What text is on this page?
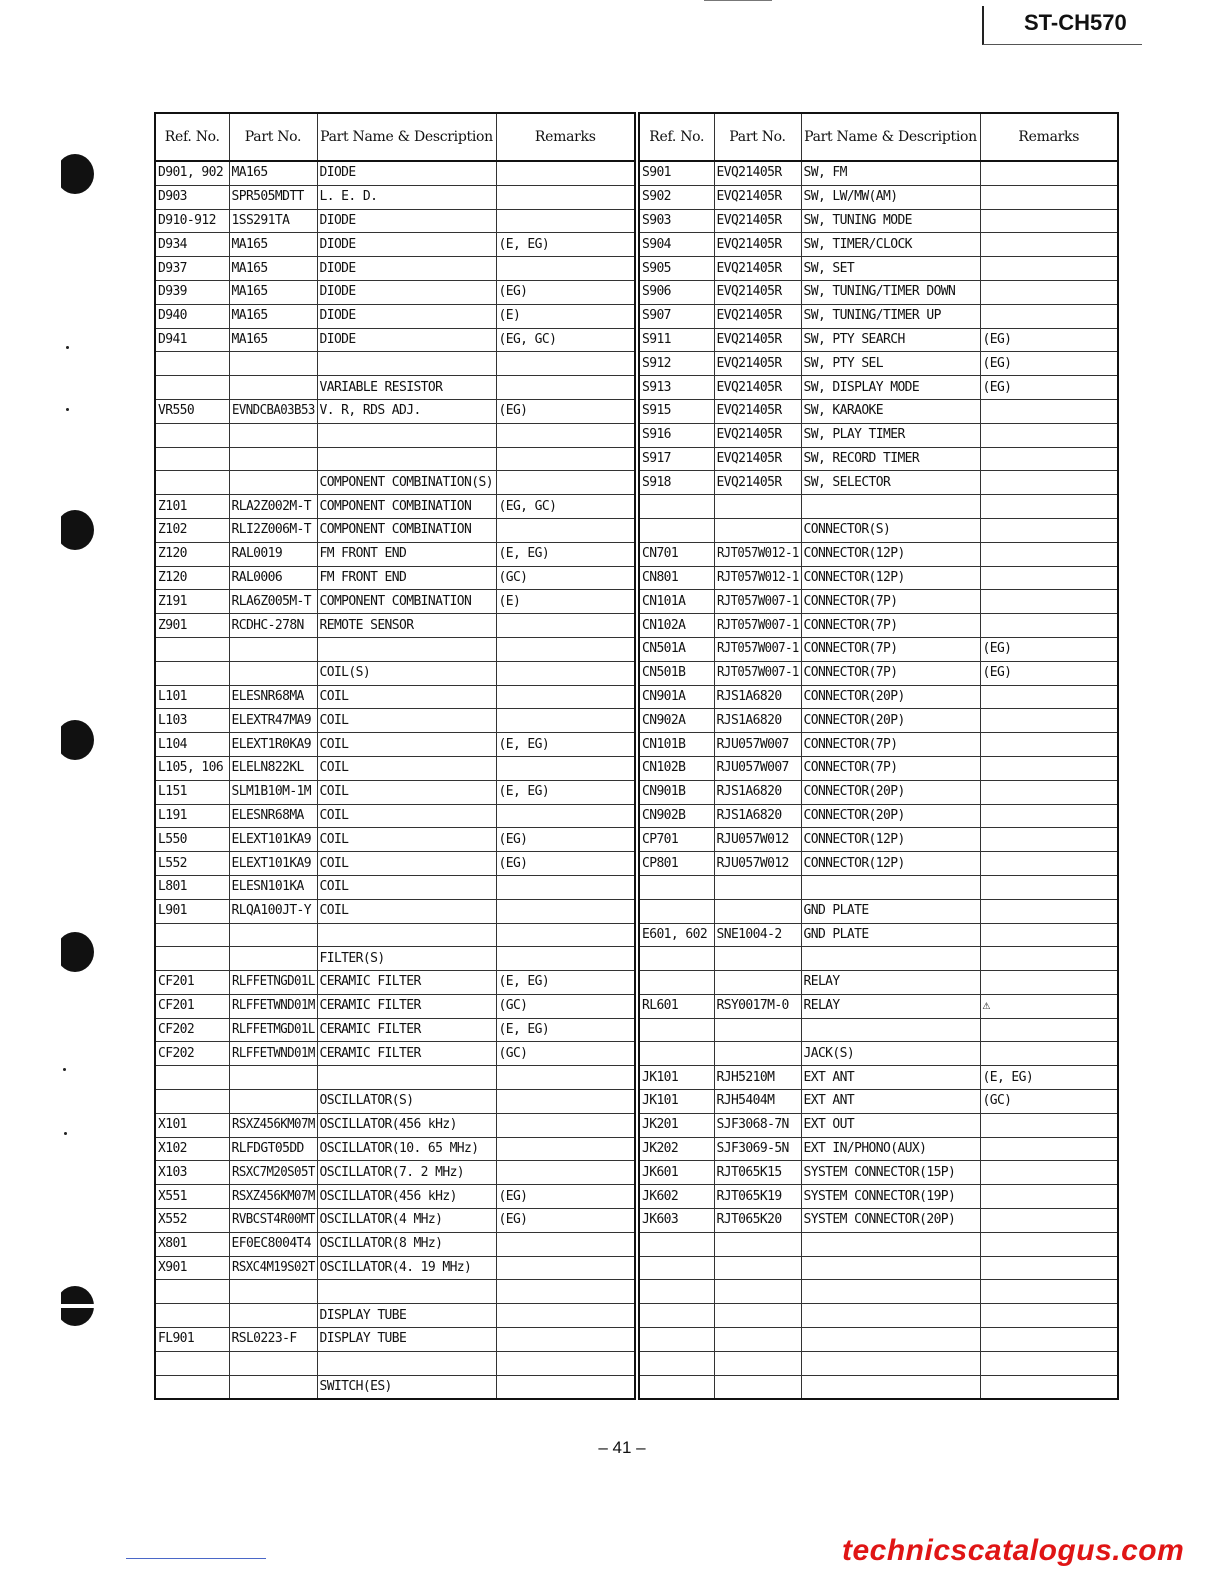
ST-CH570
Ref. No.	Part No.	Part Name & Description	Remarks
D901, 902	MA165	DIODE	
D903	SPR505MDTT	L. E. D.	
D910-912	1SS291TA	DIODE	
D934	MA165	DIODE	(E, EG)
D937	MA165	DIODE	
D939	MA165	DIODE	(EG)
D940	MA165	DIODE	(E)
D941	MA165	DIODE	(EG, GC)

		VARIABLE RESISTOR	
VR550	EVNDCBA03B53	V. R, RDS ADJ.	(EG)

		COMPONENT COMBINATION(S)	
Z101	RLA2Z002M-T	COMPONENT COMBINATION	(EG, GC)
Z102	RLI2Z006M-T	COMPONENT COMBINATION	
Z120	RAL0019	FM FRONT END	(E, EG)
Z120	RAL0006	FM FRONT END	(GC)
Z191	RLA6Z005M-T	COMPONENT COMBINATION	(E)
Z901	RCDHC-278N	REMOTE SENSOR	

		COIL(S)	
L101	ELESNR68MA	COIL	
L103	ELEXTR47MA9	COIL	
L104	ELEXT1R0KA9	COIL	(E, EG)
L105, 106	ELELN822KL	COIL	
L151	SLM1B10M-1M	COIL	(E, EG)
L191	ELESNR68MA	COIL	
L550	ELEXT101KA9	COIL	(EG)
L552	ELEXT101KA9	COIL	(EG)
L801	ELESN101KA	COIL	
L901	RLQA100JT-Y	COIL	

		FILTER(S)	
CF201	RLFFETNGD01L	CERAMIC FILTER	(E, EG)
CF201	RLFFETWND01M	CERAMIC FILTER	(GC)
CF202	RLFFETMGD01L	CERAMIC FILTER	(E, EG)
CF202	RLFFETWND01M	CERAMIC FILTER	(GC)

		OSCILLATOR(S)	
X101	RSXZ456KM07M	OSCILLATOR(456 kHz)	
X102	RLFDGT05DD	OSCILLATOR(10. 65 MHz)	
X103	RSXC7M20S05T	OSCILLATOR(7. 2 MHz)	
X551	RSXZ456KM07M	OSCILLATOR(456 kHz)	(EG)
X552	RVBCST4R00MT	OSCILLATOR(4 MHz)	(EG)
X801	EF0EC8004T4	OSCILLATOR(8 MHz)	
X901	RSXC4M19S02T	OSCILLATOR(4. 19 MHz)	

		DISPLAY TUBE	
FL901	RSL0223-F	DISPLAY TUBE	

		SWITCH(ES)	
Ref. No.	Part No.	Part Name & Description	Remarks
S901	EVQ21405R	SW, FM	
S902	EVQ21405R	SW, LW/MW(AM)	
S903	EVQ21405R	SW, TUNING MODE	
S904	EVQ21405R	SW, TIMER/CLOCK	
S905	EVQ21405R	SW, SET	
S906	EVQ21405R	SW, TUNING/TIMER DOWN	
S907	EVQ21405R	SW, TUNING/TIMER UP	
S911	EVQ21405R	SW, PTY SEARCH	(EG)
S912	EVQ21405R	SW, PTY SEL	(EG)
S913	EVQ21405R	SW, DISPLAY MODE	(EG)
S915	EVQ21405R	SW, KARAOKE	
S916	EVQ21405R	SW, PLAY TIMER	
S917	EVQ21405R	SW, RECORD TIMER	
S918	EVQ21405R	SW, SELECTOR	

		CONNECTOR(S)	
CN701	RJT057W012-1	CONNECTOR(12P)	
CN801	RJT057W012-1	CONNECTOR(12P)	
CN101A	RJT057W007-1	CONNECTOR(7P)	
CN102A	RJT057W007-1	CONNECTOR(7P)	
CN501A	RJT057W007-1	CONNECTOR(7P)	(EG)
CN501B	RJT057W007-1	CONNECTOR(7P)	(EG)
CN901A	RJS1A6820	CONNECTOR(20P)	
CN902A	RJS1A6820	CONNECTOR(20P)	
CN101B	RJU057W007	CONNECTOR(7P)	
CN102B	RJU057W007	CONNECTOR(7P)	
CN901B	RJS1A6820	CONNECTOR(20P)	
CN902B	RJS1A6820	CONNECTOR(20P)	
CP701	RJU057W012	CONNECTOR(12P)	
CP801	RJU057W012	CONNECTOR(12P)	

		GND PLATE	
E601, 602	SNE1004-2	GND PLATE	

		RELAY	
RL601	RSY0017M-0	RELAY	⚠

		JACK(S)	
JK101	RJH5210M	EXT ANT	(E, EG)
JK101	RJH5404M	EXT ANT	(GC)
JK201	SJF3068-7N	EXT OUT	
JK202	SJF3069-5N	EXT IN/PHONO(AUX)	
JK601	RJT065K15	SYSTEM CONNECTOR(15P)	
JK602	RJT065K19	SYSTEM CONNECTOR(19P)	
JK603	RJT065K20	SYSTEM CONNECTOR(20P)	

– 41 –
technicscatalogus.com
